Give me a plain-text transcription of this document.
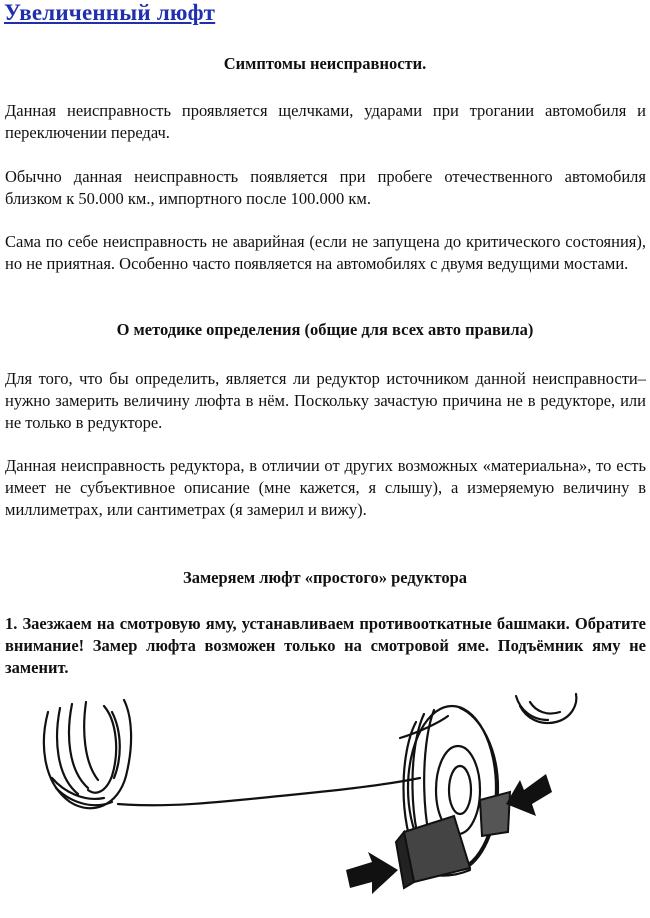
Увеличенный люфт
Симптомы неисправности.
Данная неисправность проявляется щелчками, ударами при трогании автомобиля и переключении передач.
Обычно данная неисправность появляется при пробеге отечественного автомобиля близком к 50.000 км., импортного после 100.000 км.
Сама по себе неисправность не аварийная (если не запущена до критического состояния), но не приятная. Особенно часто появляется на автомобилях с двумя ведущими мостами.
О методике определения (общие для всех авто правила)
Для того, что бы определить, является ли редуктор источником данной неисправности– нужно замерить величину люфта в нём. Поскольку зачастую причина не в редукторе, или не только в редукторе.
Данная неисправность редуктора, в отличии от других возможных «материальна», то есть имеет не субъективное описание (мне кажется, я слышу), а измеряемую величину в миллиметрах, или сантиметрах (я замерил и вижу).
Замеряем люфт «простого» редуктора
1. Заезжаем на смотровую яму, устанавливаем противооткатные башмаки. Обратите внимание! Замер люфта возможен только на смотровой яме. Подъёмник яму не заменит.
